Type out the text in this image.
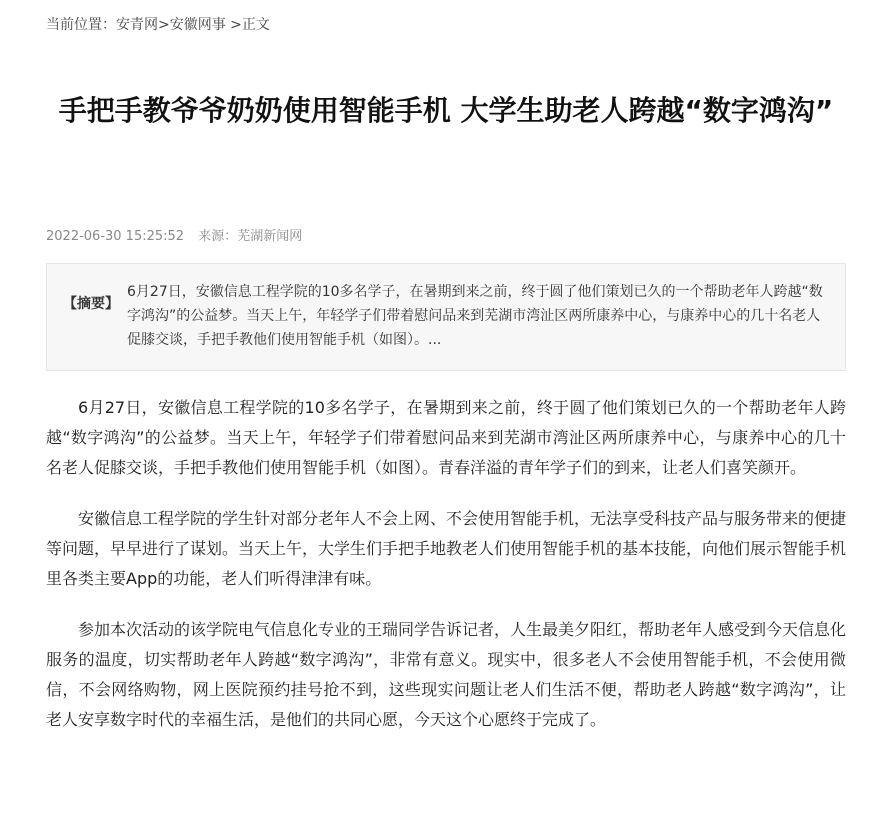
当前位置：安青网>安徽网事 >正文
手把手教爷爷奶奶使用智能手机 大学生助老人跨越“数字鸿沟”
2022-06-30 15:25:52 来源：芜湖新闻网
【摘要】
6月27日，安徽信息工程学院的10多名学子，在暑期到来之前，终于圆了他们策划已久的一个帮助老年人跨越“数字鸿沟”的公益梦。当天上午，年轻学子们带着慰问品来到芜湖市湾沚区两所康养中心，与康养中心的几十名老人促膝交谈，手把手教他们使用智能手机（如图）。...

6月27日，安徽信息工程学院的10多名学子，在暑期到来之前，终于圆了他们策划已久的一个帮助老年人跨越“数字鸿沟”的公益梦。当天上午，年轻学子们带着慰问品来到芜湖市湾沚区两所康养中心，与康养中心的几十名老人促膝交谈，手把手教他们使用智能手机（如图）。青春洋溢的青年学子们的到来，让老人们喜笑颜开。

安徽信息工程学院的学生针对部分老年人不会上网、不会使用智能手机，无法享受科技产品与服务带来的便捷等问题，早早进行了谋划。当天上午，大学生们手把手地教老人们使用智能手机的基本技能，向他们展示智能手机里各类主要App的功能，老人们听得津津有味。

参加本次活动的该学院电气信息化专业的王瑞同学告诉记者，人生最美夕阳红，帮助老年人感受到今天信息化服务的温度，切实帮助老年人跨越“数字鸿沟”，非常有意义。现实中，很多老人不会使用智能手机，不会使用微信，不会网络购物，网上医院预约挂号抢不到，这些现实问题让老人们生活不便，帮助老人跨越“数字鸿沟”，让老人安享数字时代的幸福生活，是他们的共同心愿，今天这个心愿终于完成了。
